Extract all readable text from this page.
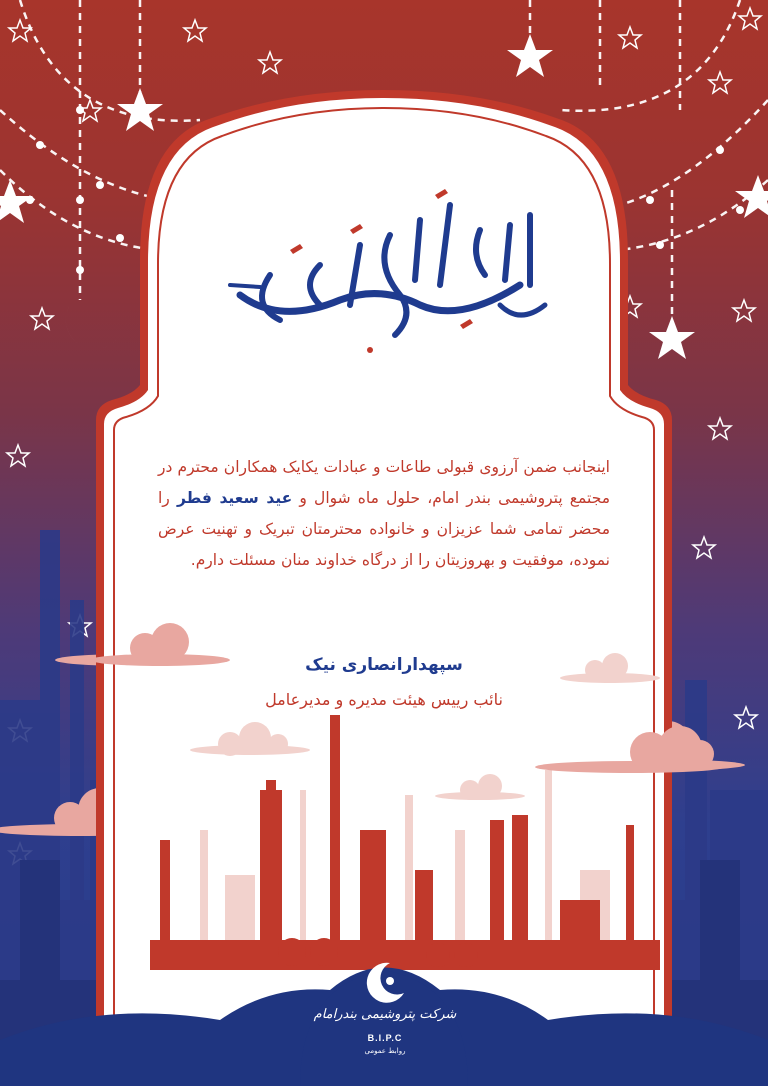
اینجانب ضمن آرزوی قبولی طاعات و عبادات یکایک همکاران محترم در مجتمع پتروشیمی بندر امام، حلول ماه شوال و عید سعید فطر را محضر تمامی شما عزیزان و خانواده محترمتان تبریک و تهنیت عرض نموده، موفقیت و بهروزیتان را از درگاه خداوند منان مسئلت دارم.
سپهدارانصاری نیک
نائب رییس هیئت مدیره و مدیرعامل
شرکت پتروشیمی بندرامام
B.I.P.C
روابط عمومی
